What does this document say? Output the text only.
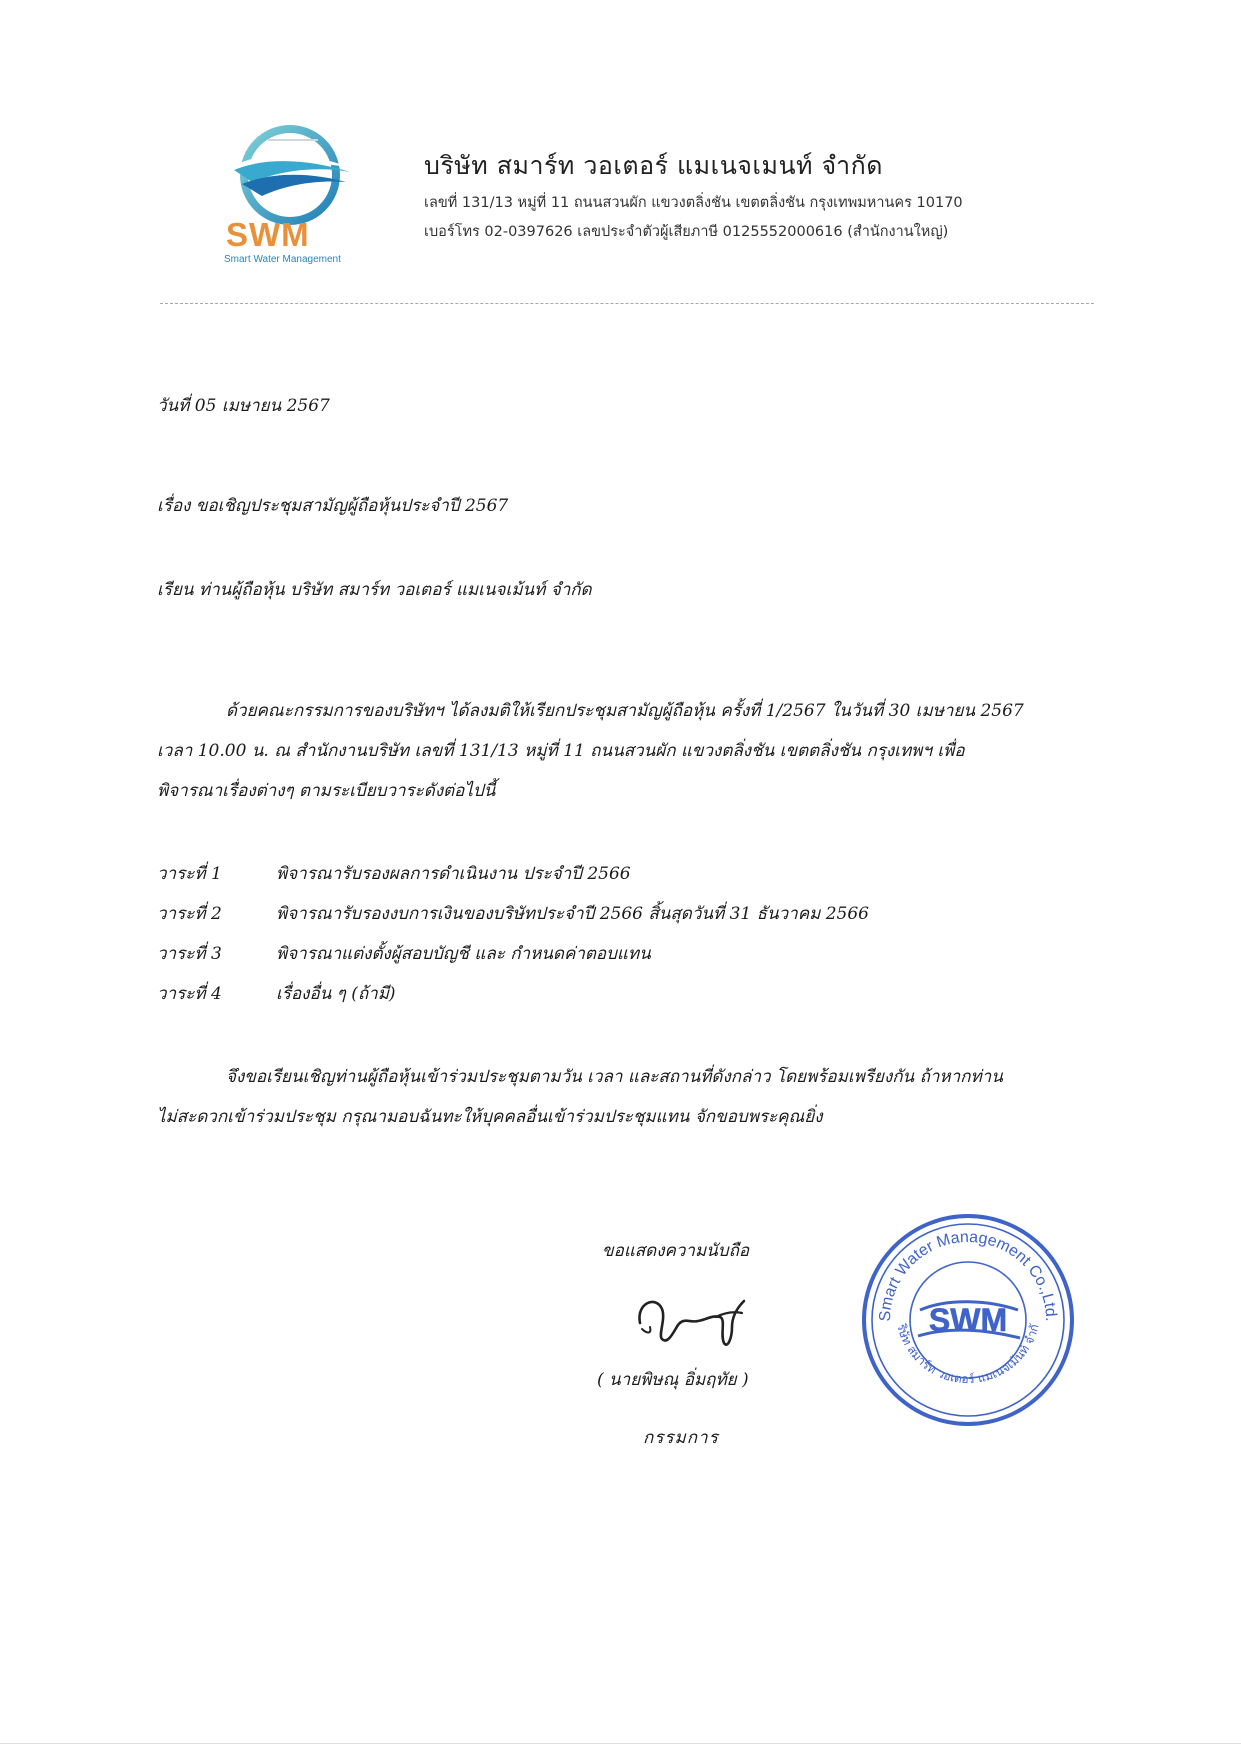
SWM
Smart Water Management
บริษัท สมาร์ท วอเตอร์ แมเนจเมนท์ จำกัด
เลขที่ 131/13 หมู่ที่ 11 ถนนสวนผัก แขวงตลิ่งชัน เขตตลิ่งชัน กรุงเทพมหานคร 10170
เบอร์โทร 02-0397626 เลขประจำตัวผู้เสียภาษี 0125552000616 (สำนักงานใหญ่)
วันที่ 05 เมษายน 2567
เรื่อง ขอเชิญประชุมสามัญผู้ถือหุ้นประจำปี 2567
เรียน ท่านผู้ถือหุ้น บริษัท สมาร์ท วอเตอร์ แมเนจเม้นท์ จำกัด
ด้วยคณะกรรมการของบริษัทฯ ได้ลงมติให้เรียกประชุมสามัญผู้ถือหุ้น ครั้งที่ 1/2567 ในวันที่ 30 เมษายน 2567
เวลา 10.00 น. ณ สำนักงานบริษัท เลขที่ 131/13 หมู่ที่ 11 ถนนสวนผัก แขวงตลิ่งชัน เขตตลิ่งชัน กรุงเทพฯ เพื่อ
พิจารณาเรื่องต่างๆ ตามระเบียบวาระดังต่อไปนี้
วาระที่ 1	พิจารณารับรองผลการดำเนินงาน ประจำปี 2566
วาระที่ 2	พิจารณารับรองงบการเงินของบริษัทประจำปี 2566 สิ้นสุดวันที่ 31 ธันวาคม 2566
วาระที่ 3	พิจารณาแต่งตั้งผู้สอบบัญชี และ กำหนดค่าตอบแทน
วาระที่ 4	เรื่องอื่น ๆ (ถ้ามี)
จึงขอเรียนเชิญท่านผู้ถือหุ้นเข้าร่วมประชุมตามวัน เวลา และสถานที่ดังกล่าว โดยพร้อมเพรียงกัน ถ้าหากท่าน
ไม่สะดวกเข้าร่วมประชุม กรุณามอบฉันทะให้บุคคลอื่นเข้าร่วมประชุมแทน จักขอบพระคุณยิ่ง
ขอแสดงความนับถือ
( นายพิษณุ อิ่มฤทัย )
กรรมการ
Smart Water Management Co.,Ltd.
ริษัท สมาร์ท วอเตอร์ แมเนจเม้นท์ จำกั
SWM
